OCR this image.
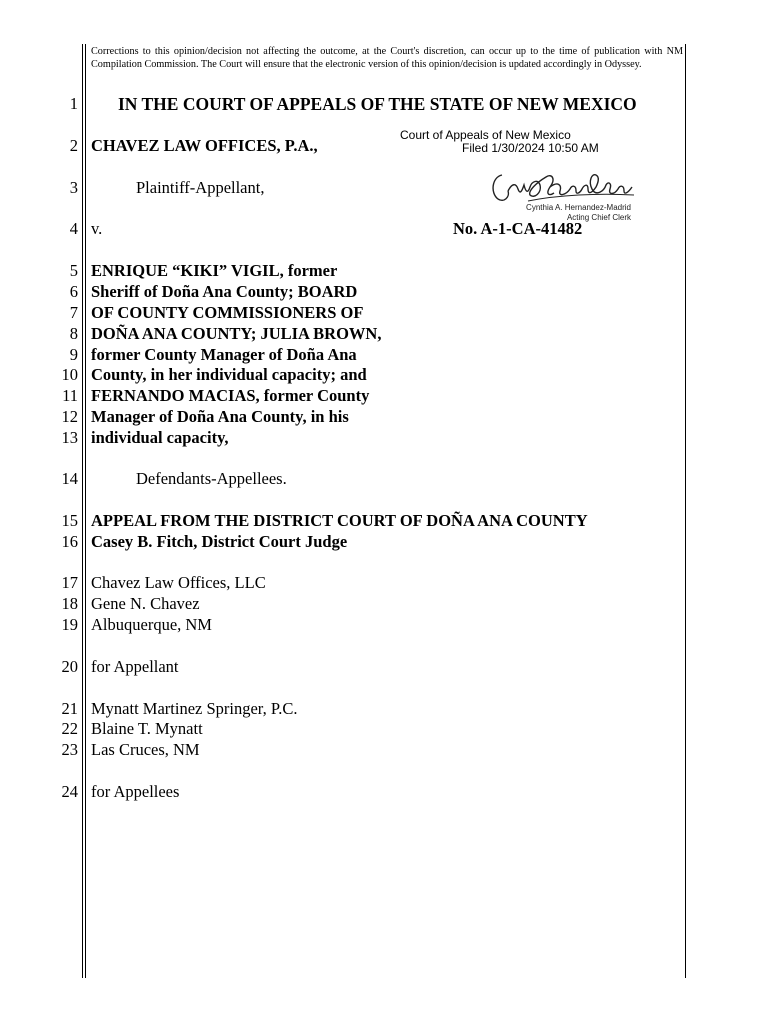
Corrections to this opinion/decision not affecting the outcome, at the Court's discretion, can occur up to the time of publication with NM Compilation Commission. The Court will ensure that the electronic version of this opinion/decision is updated accordingly in Odyssey.
1
2
3
4
5
6
7
8
9
10
11
12
13
14
15
16
17
18
19
20
21
22
23
24
IN THE COURT OF APPEALS OF THE STATE OF NEW MEXICO
CHAVEZ LAW OFFICES, P.A.,
Court of Appeals of New Mexico
Filed 1/30/2024 10:50 AM
Cynthia A. Hernandez-Madrid
Acting Chief Clerk
Plaintiff-Appellant,
v.	No. A-1-CA-41482
ENRIQUE “KIKI” VIGIL, former
Sheriff of Doña Ana County; BOARD
OF COUNTY COMMISSIONERS OF
DOÑA ANA COUNTY; JULIA BROWN,
former County Manager of Doña Ana
County, in her individual capacity; and
FERNANDO MACIAS, former County
Manager of Doña Ana County, in his
individual capacity,
Defendants-Appellees.
APPEAL FROM THE DISTRICT COURT OF DOÑA ANA COUNTY
Casey B. Fitch, District Court Judge
Chavez Law Offices, LLC
Gene N. Chavez
Albuquerque, NM
for Appellant
Mynatt Martinez Springer, P.C.
Blaine T. Mynatt
Las Cruces, NM
for Appellees
